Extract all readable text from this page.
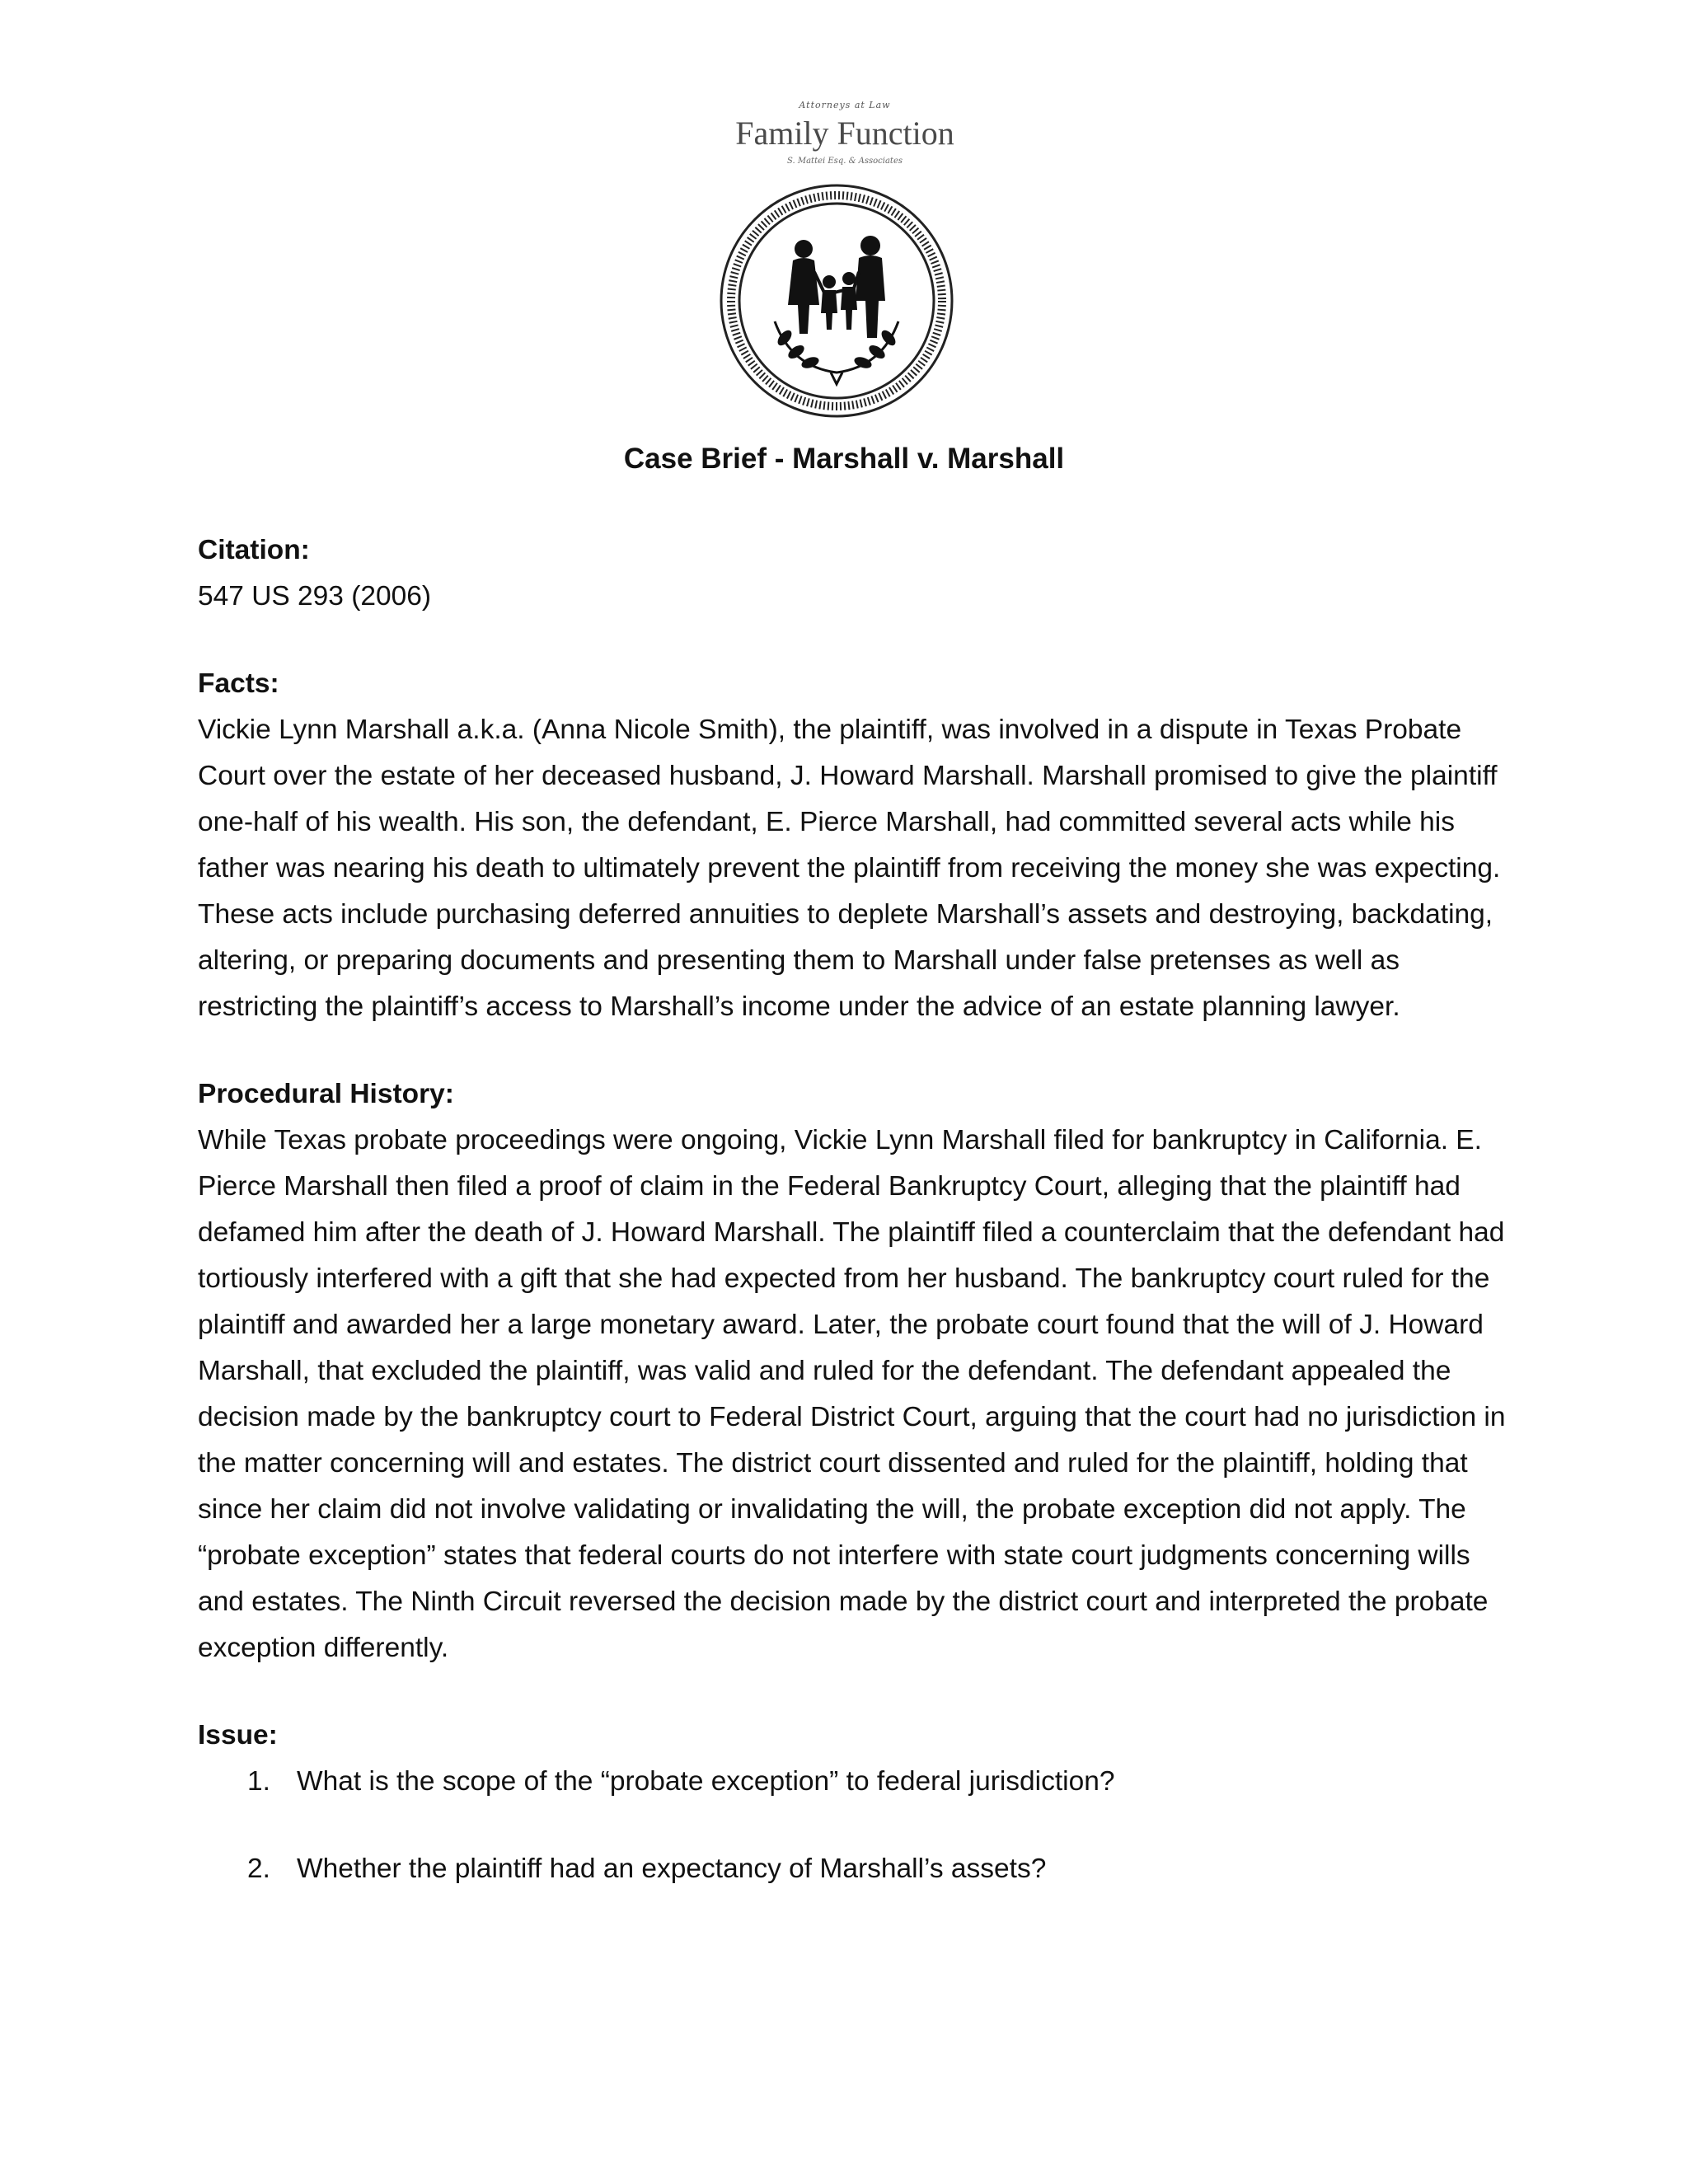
Attorneys at Law
Family Function
S. Mattei Esq. & Associates
Case Brief - Marshall v. Marshall

Citation:

547 US 293 (2006)

Facts:

Vickie Lynn Marshall a.k.a. (Anna Nicole Smith), the plaintiff, was involved in a dispute in Texas Probate Court over the estate of her deceased husband, J. Howard Marshall. Marshall promised to give the plaintiff one-half of his wealth. His son, the defendant, E. Pierce Marshall, had committed several acts while his father was nearing his death to ultimately prevent the plaintiff from receiving the money she was expecting. These acts include purchasing deferred annuities to deplete Marshall’s assets and destroying, backdating, altering, or preparing documents and presenting them to Marshall under false pretenses as well as restricting the plaintiff’s access to Marshall’s income under the advice of an estate planning lawyer.

Procedural History:

While Texas probate proceedings were ongoing, Vickie Lynn Marshall filed for bankruptcy in California. E. Pierce Marshall then filed a proof of claim in the Federal Bankruptcy Court, alleging that the plaintiff had defamed him after the death of J. Howard Marshall. The plaintiff filed a counterclaim that the defendant had tortiously interfered with a gift that she had expected from her husband. The bankruptcy court ruled for the plaintiff and awarded her a large monetary award. Later, the probate court found that the will of J. Howard Marshall, that excluded the plaintiff, was valid and ruled for the defendant. The defendant appealed the decision made by the bankruptcy court to Federal District Court, arguing that the court had no jurisdiction in the matter concerning will and estates. The district court dissented and ruled for the plaintiff, holding that since her claim did not involve validating or invalidating the will, the probate exception did not apply. The “probate exception” states that federal courts do not interfere with state court judgments concerning wills and estates. The Ninth Circuit reversed the decision made by the district court and interpreted the probate exception differently.

Issue:

1. What is the scope of the “probate exception” to federal jurisdiction?
2. Whether the plaintiff had an expectancy of Marshall’s assets?
